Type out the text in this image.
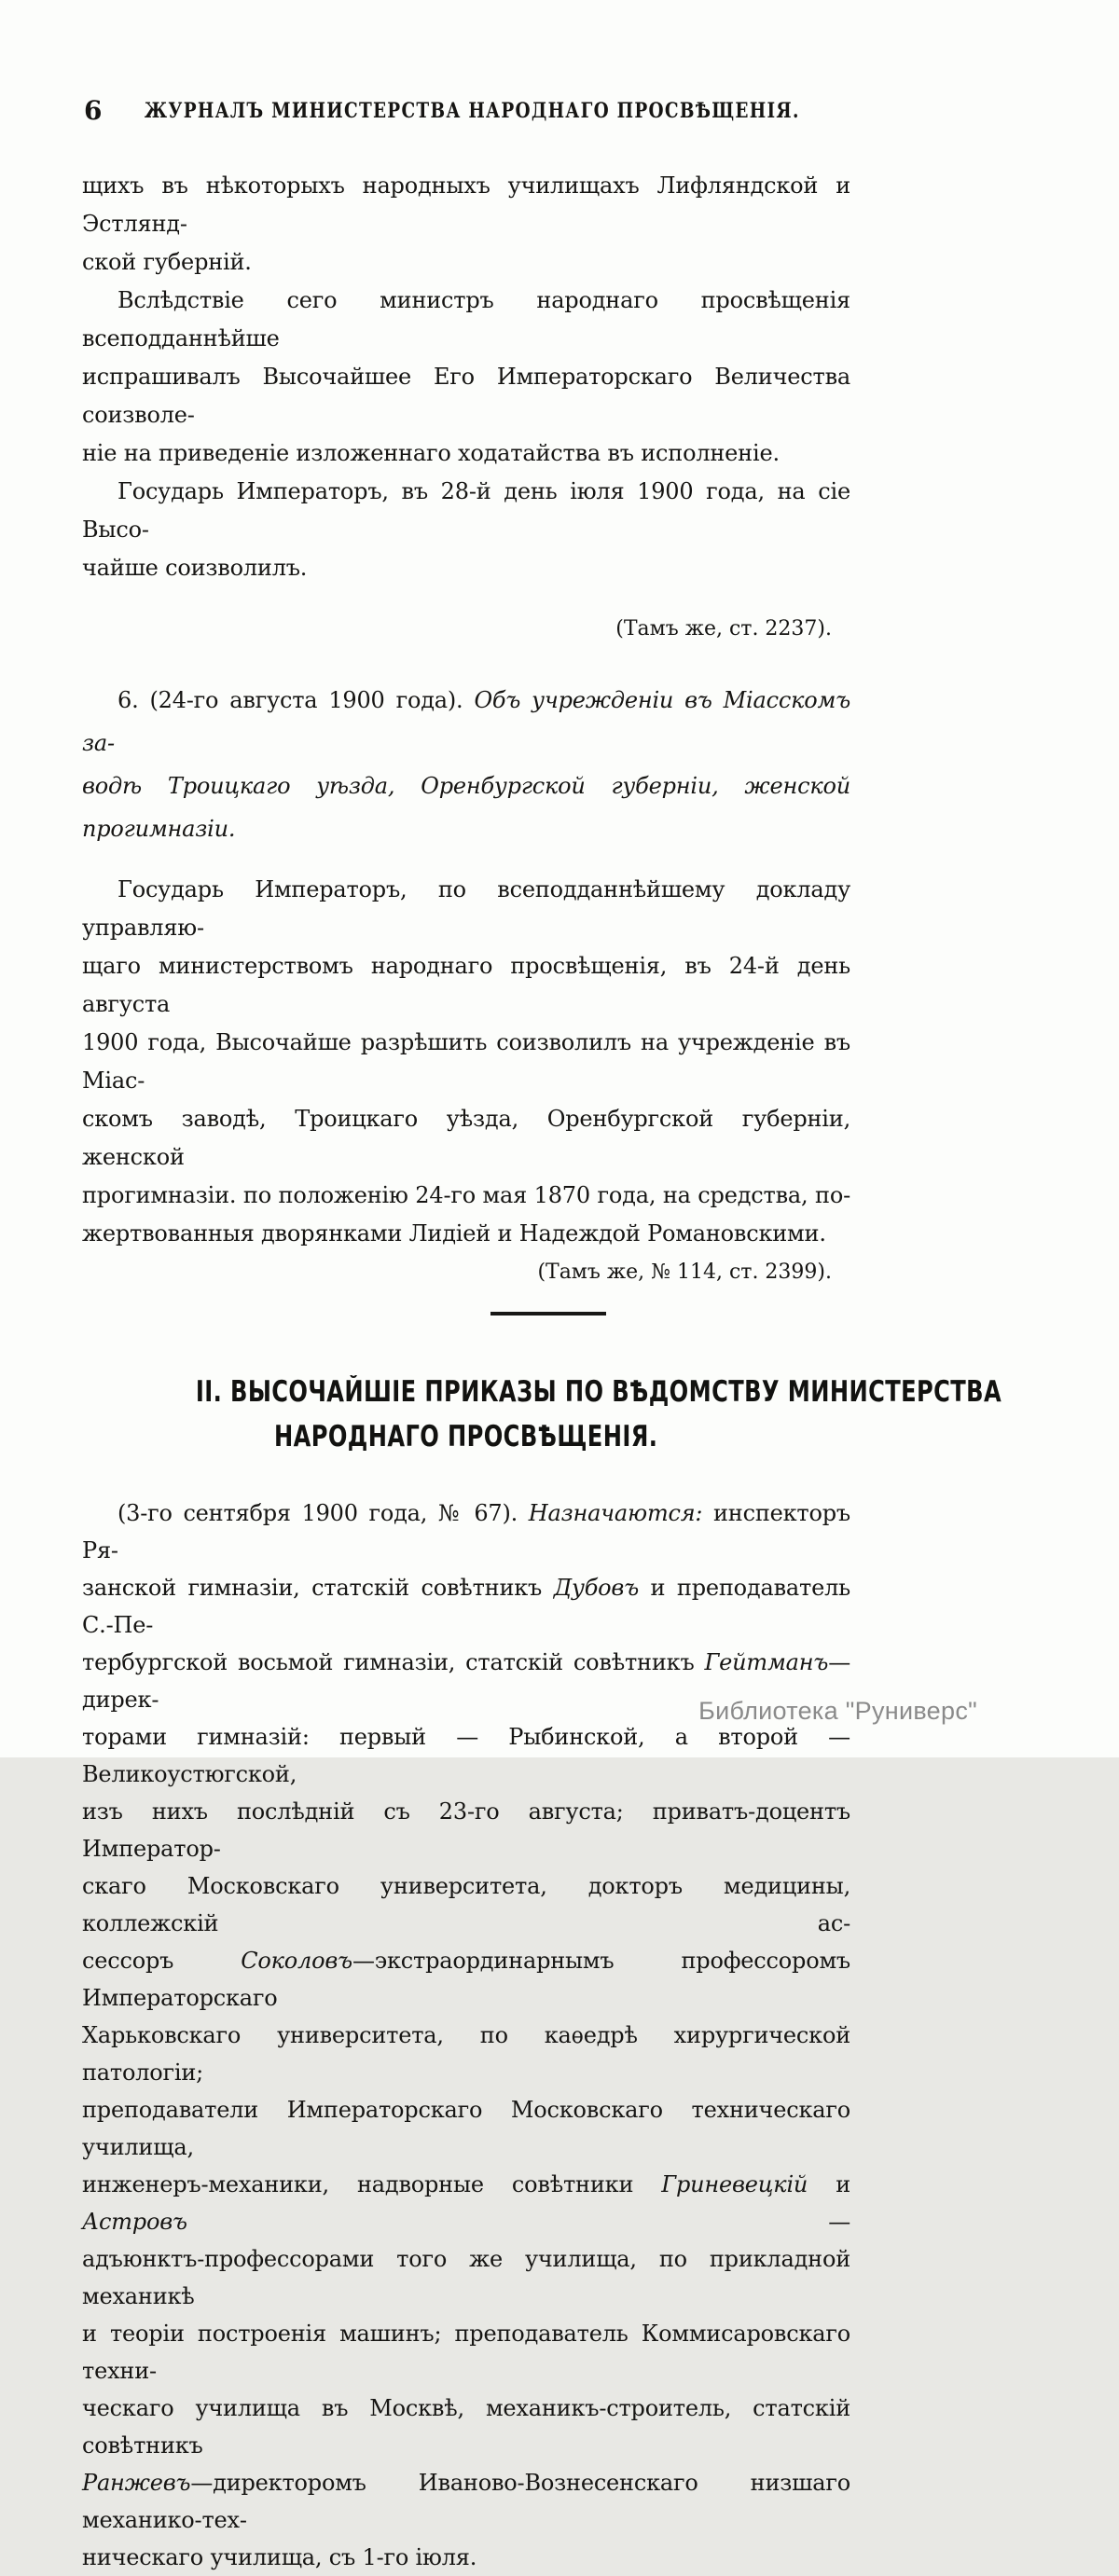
6	ЖУРНАЛЪ МИНИСТЕРСТВА НАРОДНАГО ПРОСВѢЩЕНІЯ.
щихъ въ нѣкоторыхъ народныхъ училищахъ Лифляндской и Эстлянд-
ской губерній.
Вслѣдствіе сего министръ народнаго просвѣщенія всеподданнѣйше
испрашивалъ Высочайшее Его Императорскаго Величества соизволе-
ніе на приведеніе изложеннаго ходатайства въ исполненіе.
Государь Императоръ, въ 28-й день іюля 1900 года, на сіе Высо-
чайше соизволилъ.
(Тамъ же, ст. 2237).
6. (24-го августа 1900 года). Объ учрежденіи въ Міасскомъ за-
водѣ Троицкаго уѣзда, Оренбургской губерніи, женской прогимназіи.
Государь Императоръ, по всеподданнѣйшему докладу управляю-
щаго министерствомъ народнаго просвѣщенія, въ 24-й день августа
1900 года, Высочайше разрѣшить соизволилъ на учрежденіе въ Міас-
скомъ заводѣ, Троицкаго уѣзда, Оренбургской губерніи, женской
прогимназіи. по положенію 24-го мая 1870 года, на средства, по-
жертвованныя дворянками Лидіей и Надеждой Романовскими.
(Тамъ же, № 114, ст. 2399).
II. ВЫСОЧАЙШІЕ ПРИКАЗЫ ПО ВѢДОМСТВУ МИНИСТЕРСТВА
НАРОДНАГО ПРОСВѢЩЕНІЯ.
(3-го сентября 1900 года, № 67). Назначаются: инспекторъ Ря-
занской гимназіи, статскій совѣтникъ Дубовъ и преподаватель С.-Пе-
тербургской восьмой гимназіи, статскій совѣтникъ Гейтманъ—дирек-
торами гимназій: первый — Рыбинской, а второй — Великоустюгской,
изъ нихъ послѣдній съ 23-го августа; приватъ-доцентъ Император-
скаго Московскаго университета, докторъ медицины, коллежскій ас-
сессоръ Соколовъ—экстраординарнымъ профессоромъ Императорскаго
Харьковскаго университета, по каѳедрѣ хирургической патологіи;
преподаватели Императорскаго Московскаго техническаго училища,
инженеръ-механики, надворные совѣтники Гриневецкій и Астровъ —
адъюнктъ-профессорами того же училища, по прикладной механикѣ
и теоріи построенія машинъ; преподаватель Коммисаровскаго техни-
ческаго училища въ Москвѣ, механикъ-строитель, статскій совѣтникъ
Ранжевъ—директоромъ Иваново-Вознесенскаго низшаго механико-тех-
ническаго училища, съ 1-го іюля.
Библиотека "Руниверс"
